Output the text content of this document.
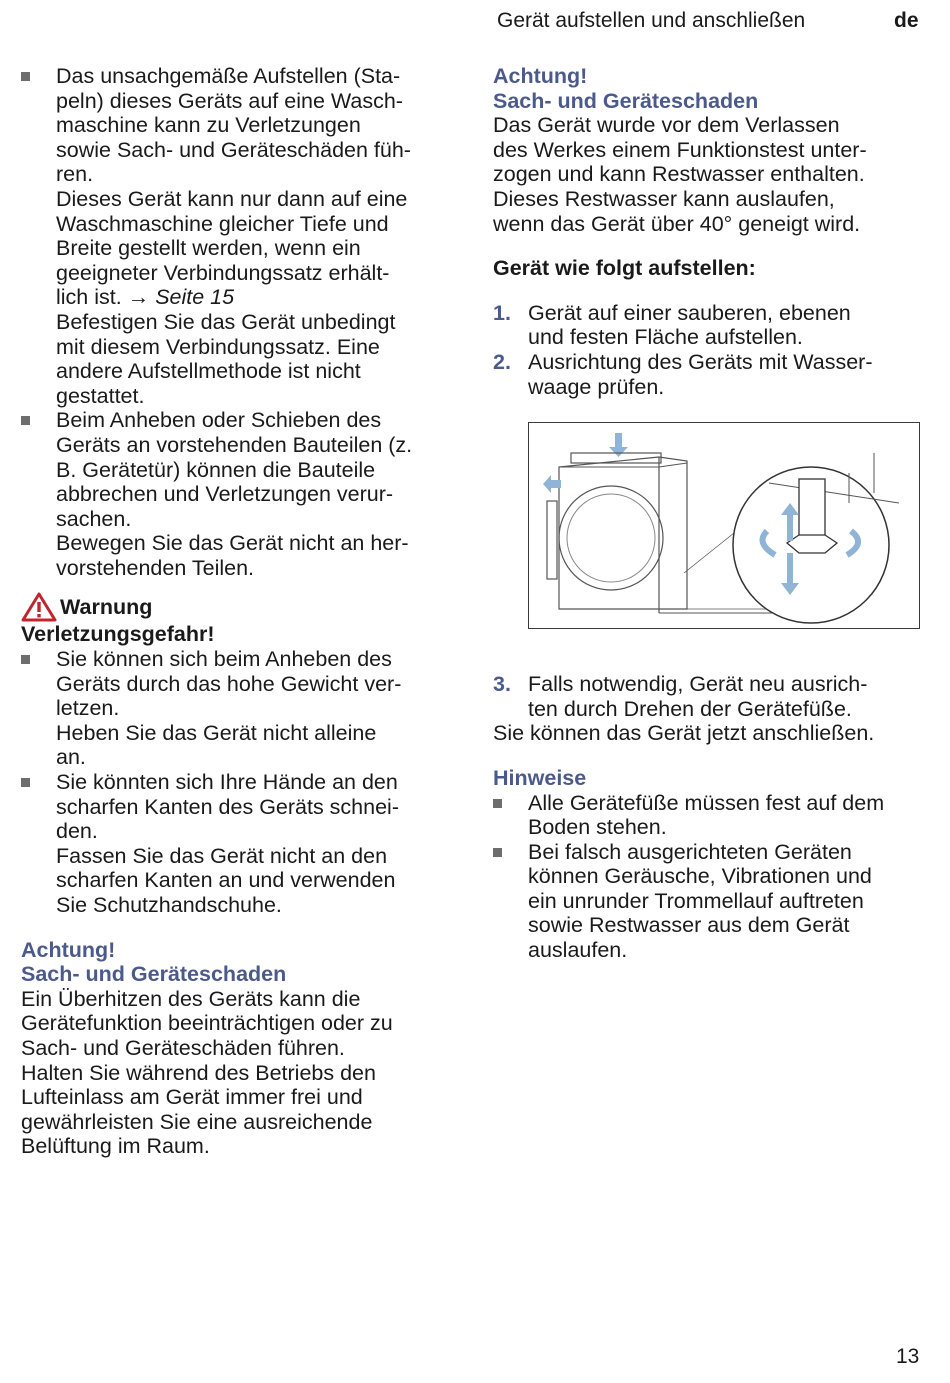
Gerät aufstellen und anschließen	de

Das unsachgemäße Aufstellen (Sta-
peln) dieses Geräts auf eine Wasch-
maschine kann zu Verletzungen
sowie Sach- und Geräteschäden füh-
ren.

Dieses Gerät kann nur dann auf eine
Waschmaschine gleicher Tiefe und
Breite gestellt werden, wenn ein
geeigneter Verbindungssatz erhält-
lich ist. → Seite 15

Befestigen Sie das Gerät unbedingt
mit diesem Verbindungssatz. Eine
andere Aufstellmethode ist nicht
gestattet.

Beim Anheben oder Schieben des
Geräts an vorstehenden Bauteilen (z.
B. Gerätetür) können die Bauteile
abbrechen und Verletzungen verur-
sachen.

Bewegen Sie das Gerät nicht an her-
vorstehenden Teilen.

Warnung

Verletzungsgefahr!

Sie können sich beim Anheben des
Geräts durch das hohe Gewicht ver-
letzen.

Heben Sie das Gerät nicht alleine
an.

Sie könnten sich Ihre Hände an den
scharfen Kanten des Geräts schnei-
den.

Fassen Sie das Gerät nicht an den
scharfen Kanten an und verwenden
Sie Schutzhandschuhe.

Achtung!

Sach- und Geräteschaden

Ein Überhitzen des Geräts kann die
Gerätefunktion beeinträchtigen oder zu
Sach- und Geräteschäden führen.
Halten Sie während des Betriebs den
Lufteinlass am Gerät immer frei und
gewährleisten Sie eine ausreichende
Belüftung im Raum.

Achtung!

Sach- und Geräteschaden

Das Gerät wurde vor dem Verlassen
des Werkes einem Funktionstest unter-
zogen und kann Restwasser enthalten.
Dieses Restwasser kann auslaufen,
wenn das Gerät über 40° geneigt wird.

Gerät wie folgt aufstellen:

1. Gerät auf einer sauberen, ebenen
und festen Fläche aufstellen.

2. Ausrichtung des Geräts mit Wasser-
waage prüfen.

3. Falls notwendig, Gerät neu ausrich-
ten durch Drehen der Gerätefüße.

Sie können das Gerät jetzt anschließen.

Hinweise

Alle Gerätefüße müssen fest auf dem
Boden stehen.

Bei falsch ausgerichteten Geräten
können Geräusche, Vibrationen und
ein unrunder Trommellauf auftreten
sowie Restwasser aus dem Gerät
auslaufen.

13
